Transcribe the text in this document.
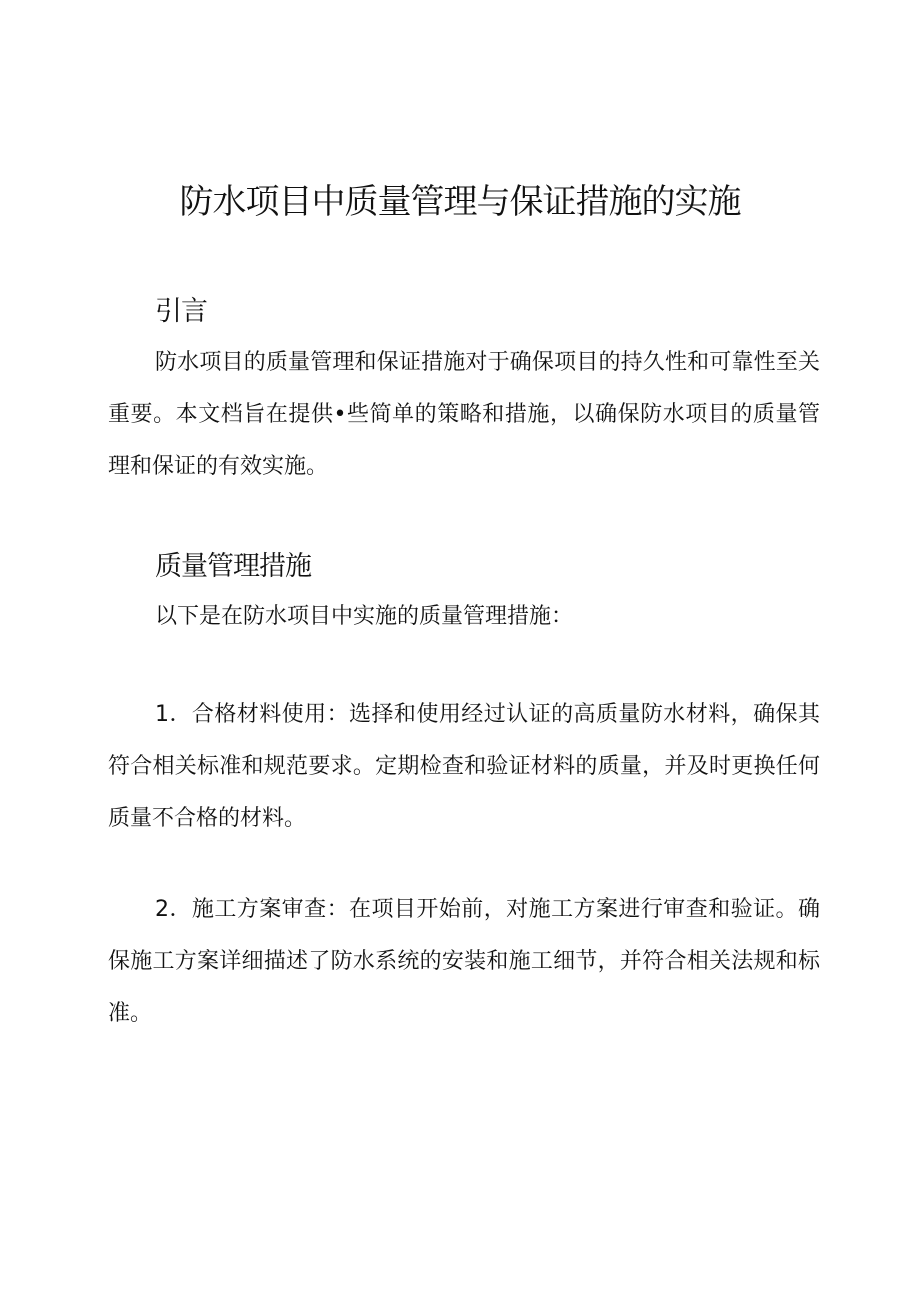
防水项目中质量管理与保证措施的实施
引言

防水项目的质量管理和保证措施对于确保项目的持久性和可靠性至关重要。本文档旨在提供•些简单的策略和措施，以确保防水项目的质量管理和保证的有效实施。

质量管理措施

以下是在防水项目中实施的质量管理措施：

1．合格材料使用：选择和使用经过认证的高质量防水材料，确保其符合相关标准和规范要求。定期检查和验证材料的质量，并及时更换任何质量不合格的材料。

2．施工方案审查：在项目开始前，对施工方案进行审查和验证。确保施工方案详细描述了防水系统的安装和施工细节，并符合相关法规和标准。
